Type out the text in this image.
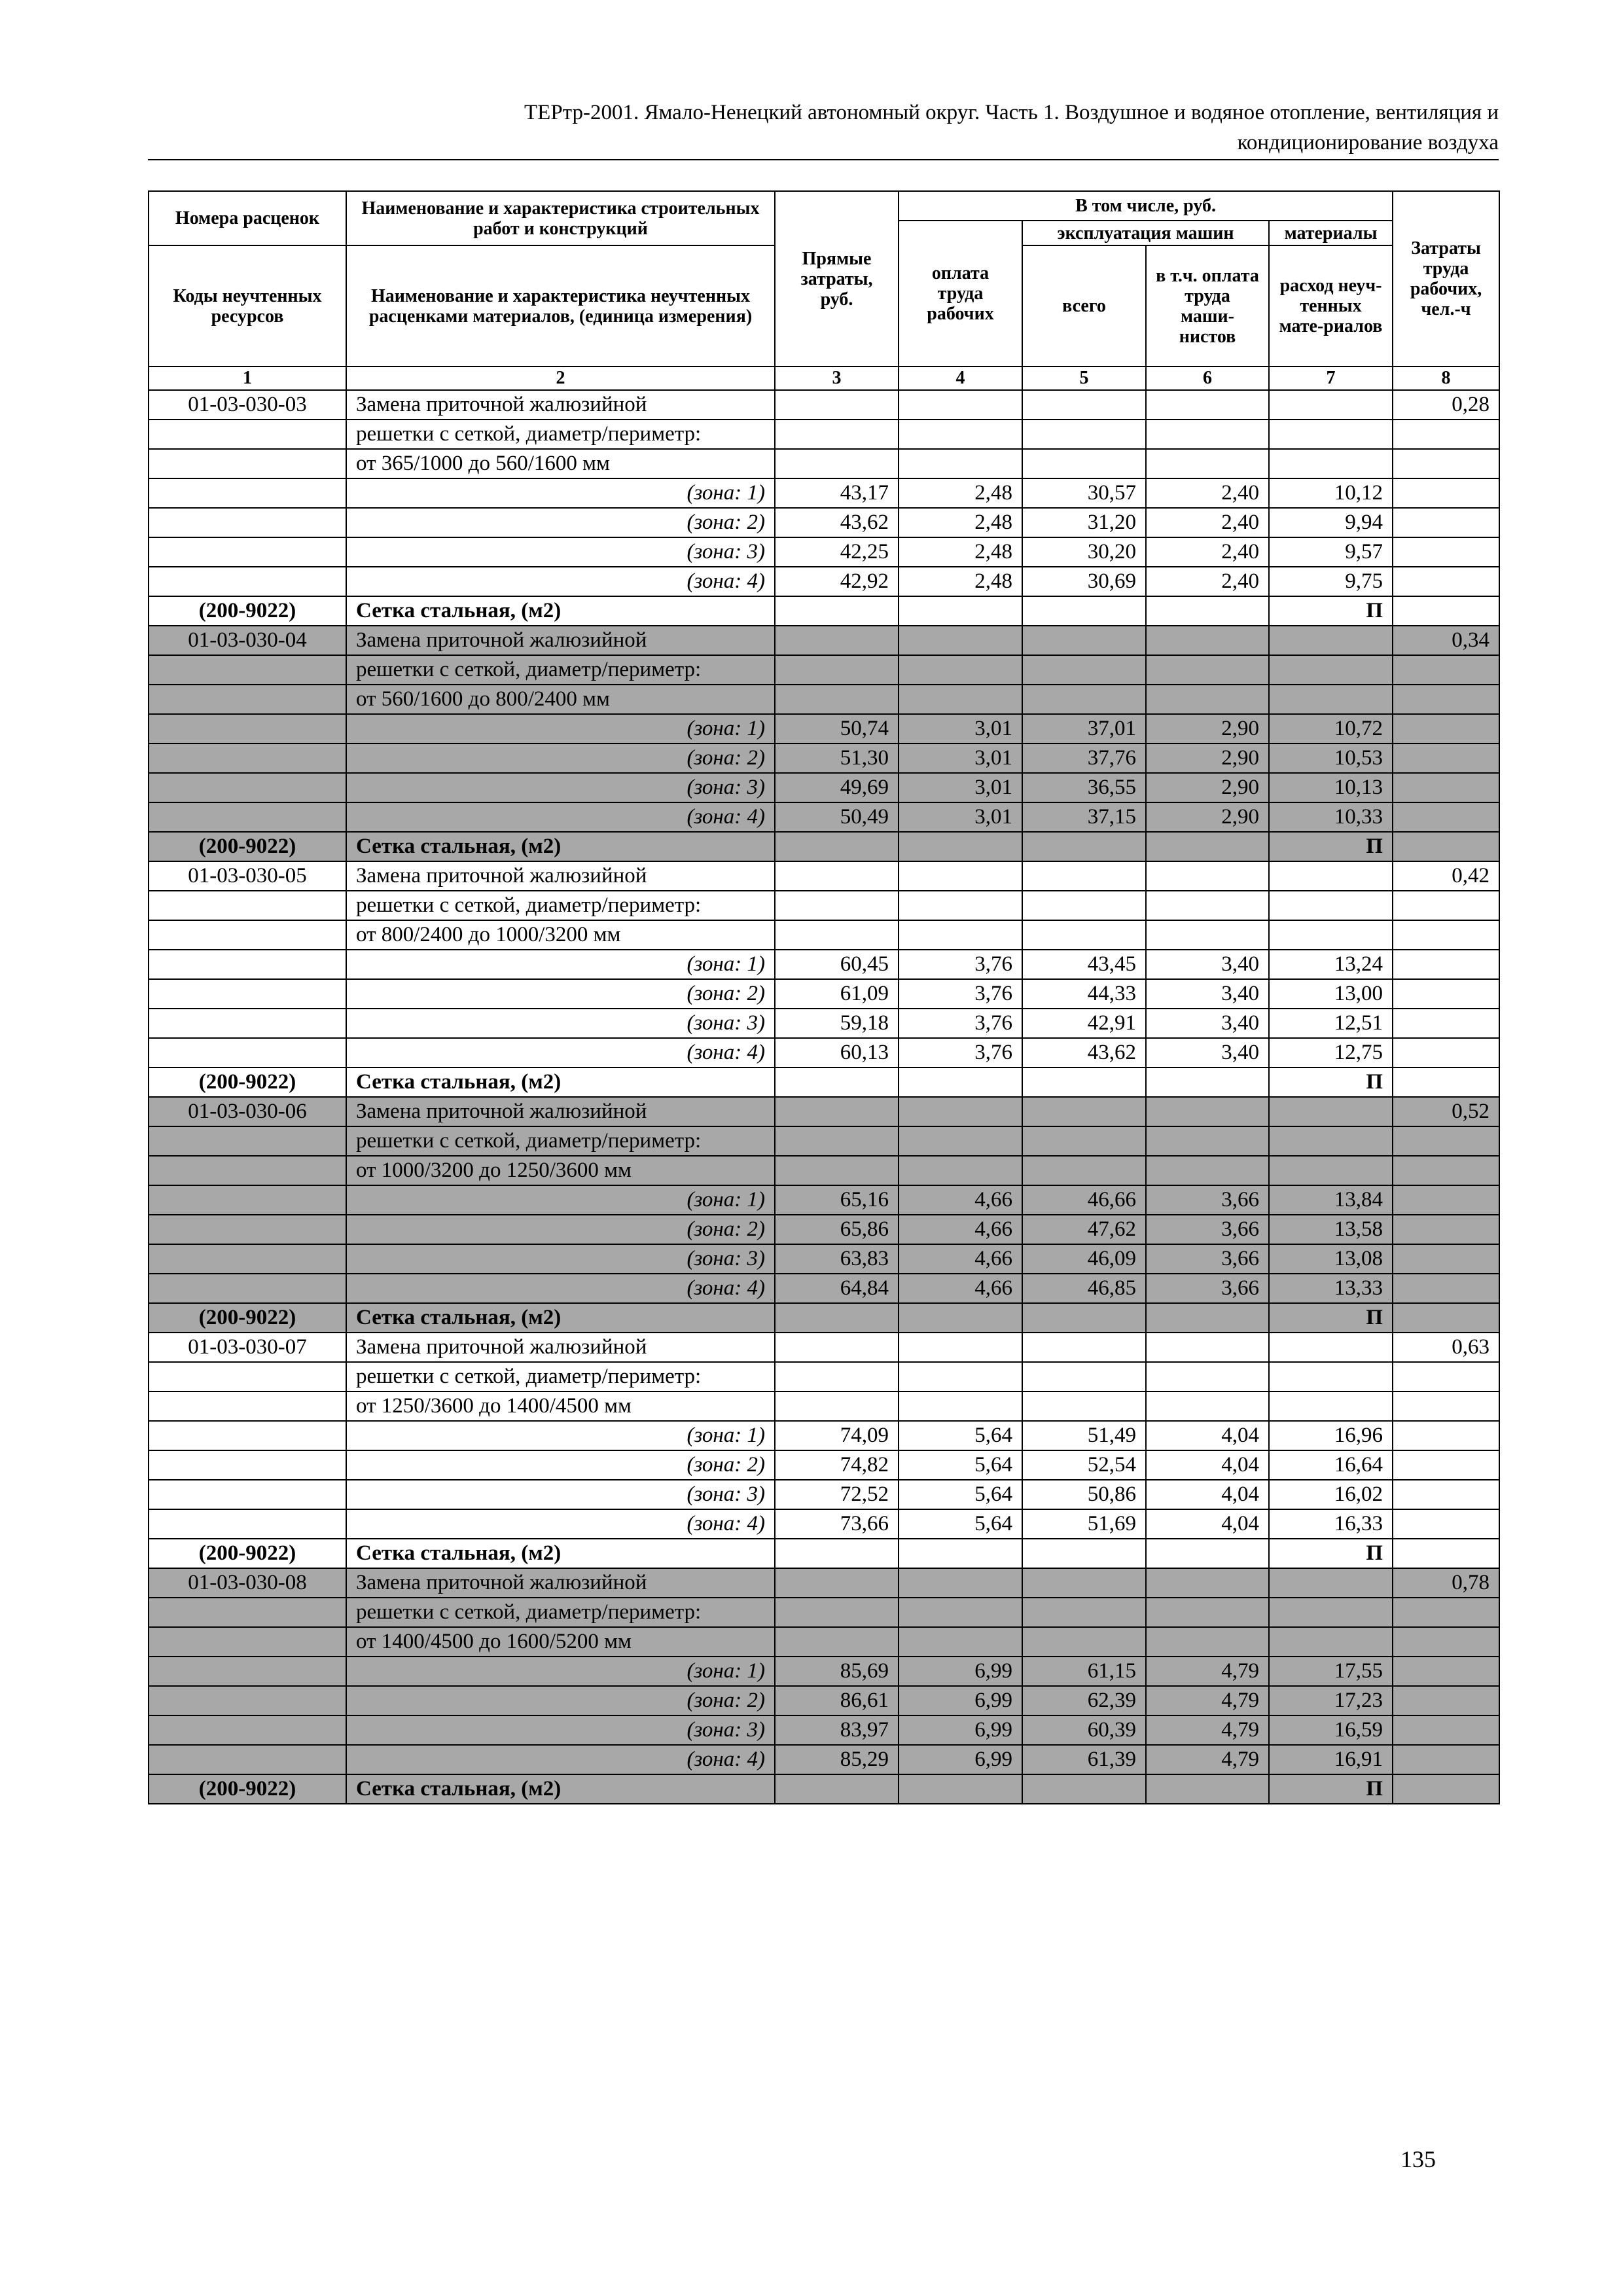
ТЕРтр-2001. Ямало-Ненецкий автономный округ. Часть 1. Воздушное и водяное отопление, вентиляция и
кондиционирование воздуха
Номера расценок	Наименование и характеристика строительных работ и конструкций	Прямые затраты, руб.	В том числе, руб.				Затраты труда рабочих, чел.-ч
			оплата труда рабочих	эксплуатация машин		материалы	
Коды неучтенных ресурсов	Наименование и характеристика неучтенных расценками материалов, (единица измерения)			всего	в т.ч. оплата труда маши-нистов	расход неуч-тенных мате-риалов	

1	2	3	4	5	6	7	8
01-03-030-03	Замена приточной жалюзийной						0,28
	решетки с сеткой, диаметр/периметр:						
	от 365/1000 до 560/1600 мм						
	(зона: 1)	43,17	2,48	30,57	2,40	10,12	
	(зона: 2)	43,62	2,48	31,20	2,40	9,94	
	(зона: 3)	42,25	2,48	30,20	2,40	9,57	
	(зона: 4)	42,92	2,48	30,69	2,40	9,75	
(200-9022)	Сетка стальная, (м2)					П	
01-03-030-04	Замена приточной жалюзийной						0,34
	решетки с сеткой, диаметр/периметр:						
	от 560/1600 до 800/2400 мм						
	(зона: 1)	50,74	3,01	37,01	2,90	10,72	
	(зона: 2)	51,30	3,01	37,76	2,90	10,53	
	(зона: 3)	49,69	3,01	36,55	2,90	10,13	
	(зона: 4)	50,49	3,01	37,15	2,90	10,33	
(200-9022)	Сетка стальная, (м2)					П	
01-03-030-05	Замена приточной жалюзийной						0,42
	решетки с сеткой, диаметр/периметр:						
	от 800/2400 до 1000/3200 мм						
	(зона: 1)	60,45	3,76	43,45	3,40	13,24	
	(зона: 2)	61,09	3,76	44,33	3,40	13,00	
	(зона: 3)	59,18	3,76	42,91	3,40	12,51	
	(зона: 4)	60,13	3,76	43,62	3,40	12,75	
(200-9022)	Сетка стальная, (м2)					П	
01-03-030-06	Замена приточной жалюзийной						0,52
	решетки с сеткой, диаметр/периметр:						
	от 1000/3200 до 1250/3600 мм						
	(зона: 1)	65,16	4,66	46,66	3,66	13,84	
	(зона: 2)	65,86	4,66	47,62	3,66	13,58	
	(зона: 3)	63,83	4,66	46,09	3,66	13,08	
	(зона: 4)	64,84	4,66	46,85	3,66	13,33	
(200-9022)	Сетка стальная, (м2)					П	
01-03-030-07	Замена приточной жалюзийной						0,63
	решетки с сеткой, диаметр/периметр:						
	от 1250/3600 до 1400/4500 мм						
	(зона: 1)	74,09	5,64	51,49	4,04	16,96	
	(зона: 2)	74,82	5,64	52,54	4,04	16,64	
	(зона: 3)	72,52	5,64	50,86	4,04	16,02	
	(зона: 4)	73,66	5,64	51,69	4,04	16,33	
(200-9022)	Сетка стальная, (м2)					П	
01-03-030-08	Замена приточной жалюзийной						0,78
	решетки с сеткой, диаметр/периметр:						
	от 1400/4500 до 1600/5200 мм						
	(зона: 1)	85,69	6,99	61,15	4,79	17,55	
	(зона: 2)	86,61	6,99	62,39	4,79	17,23	
	(зона: 3)	83,97	6,99	60,39	4,79	16,59	
	(зона: 4)	85,29	6,99	61,39	4,79	16,91	
(200-9022)	Сетка стальная, (м2)					П	
135
